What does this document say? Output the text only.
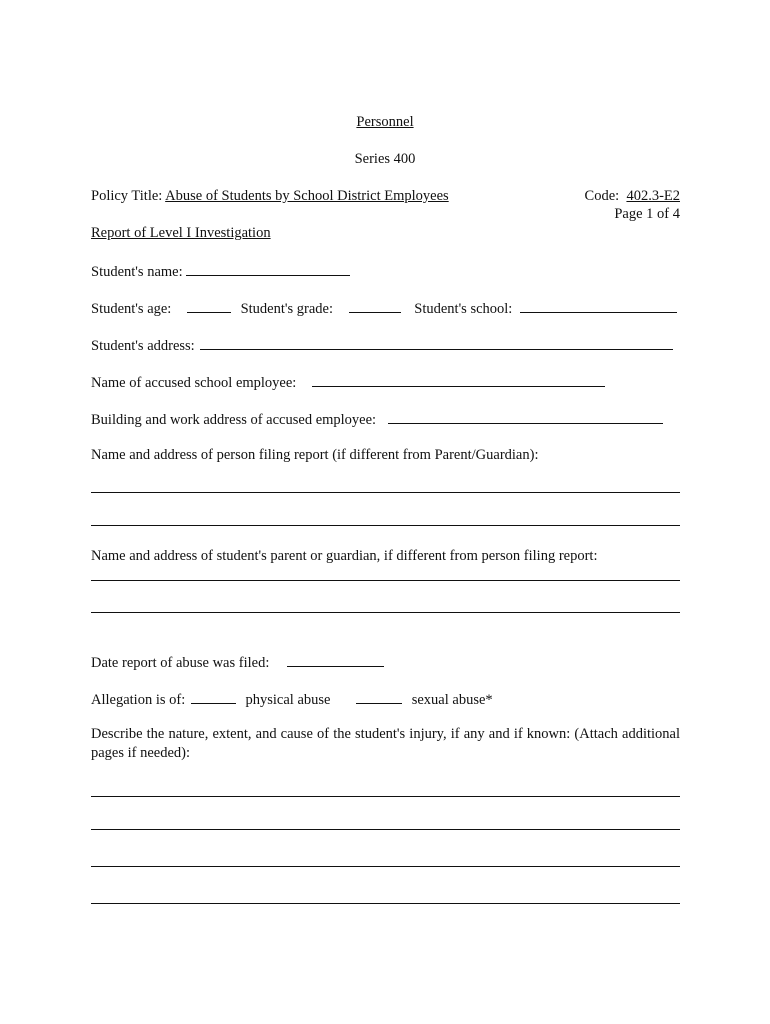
Personnel
Series 400
Policy Title: Abuse of Students by School District Employees	Code: 402.3-E2
Page 1 of 4
Report of Level I Investigation
Student's name:
Student's age:	Student's grade:	Student's school:
Student's address:
Name of accused school employee:
Building and work address of accused employee:
Name and address of person filing report (if different from Parent/Guardian):
Name and address of student's parent or guardian, if different from person filing report:
Date report of abuse was filed:
Allegation is of:	physical abuse	sexual abuse*
Describe the nature, extent, and cause of the student's injury, if any and if known: (Attach additional pages if needed):
